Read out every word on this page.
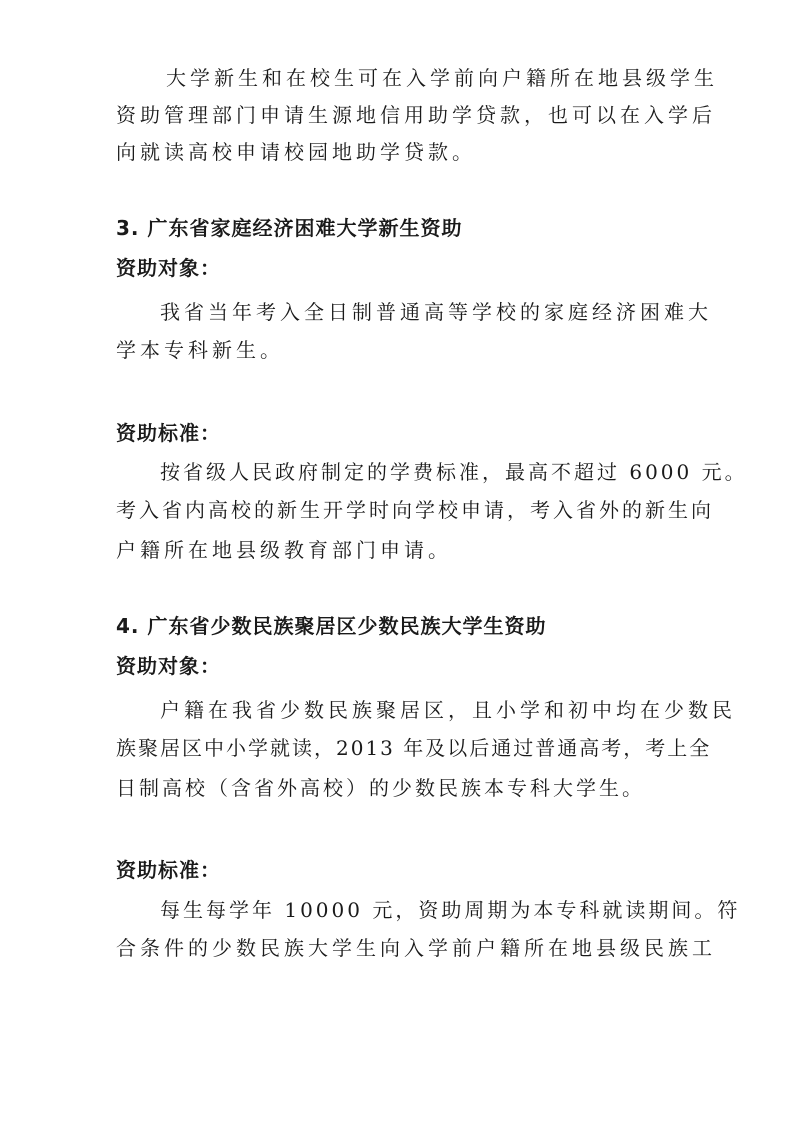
大学新生和在校生可在入学前向户籍所在地县级学生
资助管理部门申请生源地信用助学贷款，也可以在入学后
向就读高校申请校园地助学贷款。
3. 广东省家庭经济困难大学新生资助
资助对象：
我省当年考入全日制普通高等学校的家庭经济困难大
学本专科新生。
资助标准：
按省级人民政府制定的学费标准，最高不超过 6000 元。
考入省内高校的新生开学时向学校申请，考入省外的新生向
户籍所在地县级教育部门申请。
4. 广东省少数民族聚居区少数民族大学生资助
资助对象：
户籍在我省少数民族聚居区，且小学和初中均在少数民
族聚居区中小学就读，2013 年及以后通过普通高考，考上全
日制高校（含省外高校）的少数民族本专科大学生。
资助标准：
每生每学年 10000 元，资助周期为本专科就读期间。符
合条件的少数民族大学生向入学前户籍所在地县级民族工
